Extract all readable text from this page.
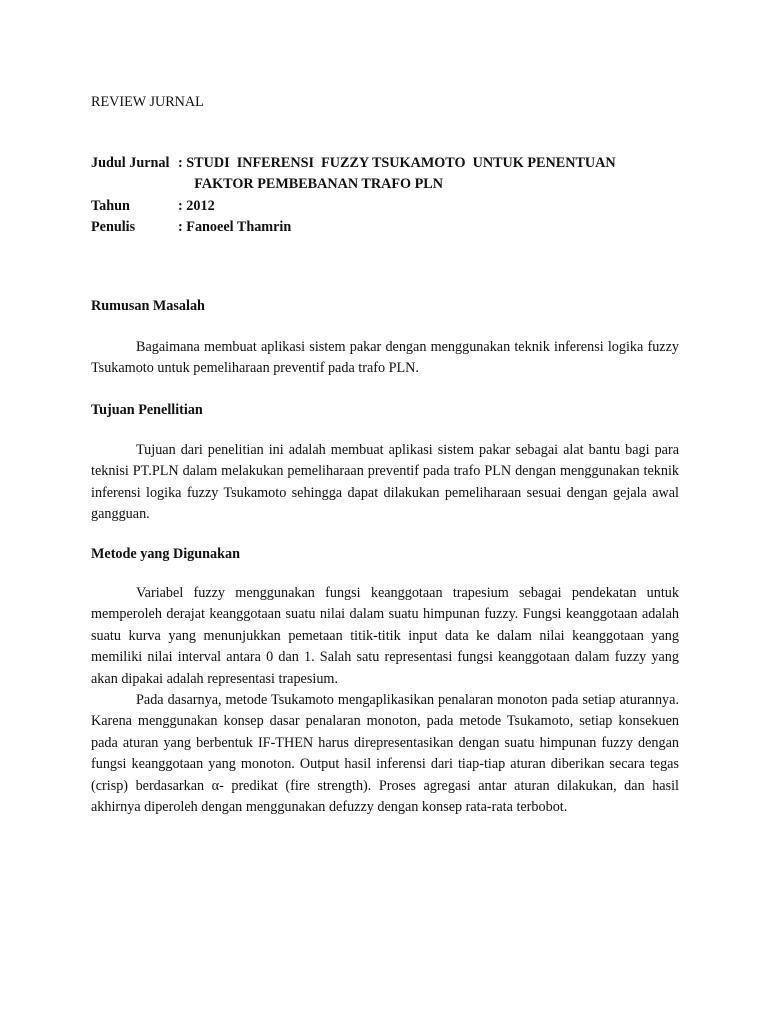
REVIEW JURNAL
Judul Jurnal : STUDI  INFERENSI  FUZZY TSUKAMOTO  UNTUK PENENTUAN
FAKTOR PEMBEBANAN TRAFO PLN
Tahun	: 2012
Penulis	: Fanoeel Thamrin
Rumusan Masalah

Bagaimana membuat aplikasi sistem pakar dengan menggunakan teknik inferensi logika fuzzy Tsukamoto untuk pemeliharaan preventif pada trafo PLN.

Tujuan Penellitian

Tujuan dari penelitian ini adalah membuat aplikasi sistem pakar sebagai alat bantu bagi para teknisi PT.PLN dalam melakukan pemeliharaan preventif pada trafo PLN dengan menggunakan teknik inferensi logika fuzzy Tsukamoto sehingga dapat dilakukan pemeliharaan sesuai dengan gejala awal gangguan.

Metode yang Digunakan

Variabel fuzzy menggunakan fungsi keanggotaan trapesium sebagai pendekatan untuk memperoleh derajat keanggotaan suatu nilai dalam suatu himpunan fuzzy. Fungsi keanggotaan adalah suatu kurva yang menunjukkan pemetaan titik-titik input data ke dalam nilai keanggotaan yang memiliki nilai interval antara 0 dan 1. Salah satu representasi fungsi keanggotaan dalam fuzzy yang akan dipakai adalah representasi trapesium.

Pada dasarnya, metode Tsukamoto mengaplikasikan penalaran monoton pada setiap aturannya. Karena menggunakan konsep dasar penalaran monoton, pada metode Tsukamoto, setiap konsekuen pada aturan yang berbentuk IF-THEN harus direpresentasikan dengan suatu himpunan fuzzy dengan fungsi keanggotaan yang monoton. Output hasil inferensi dari tiap-tiap aturan diberikan secara tegas (crisp) berdasarkan α- predikat (fire strength). Proses agregasi antar aturan dilakukan, dan hasil akhirnya diperoleh dengan menggunakan defuzzy dengan konsep rata-rata terbobot.
